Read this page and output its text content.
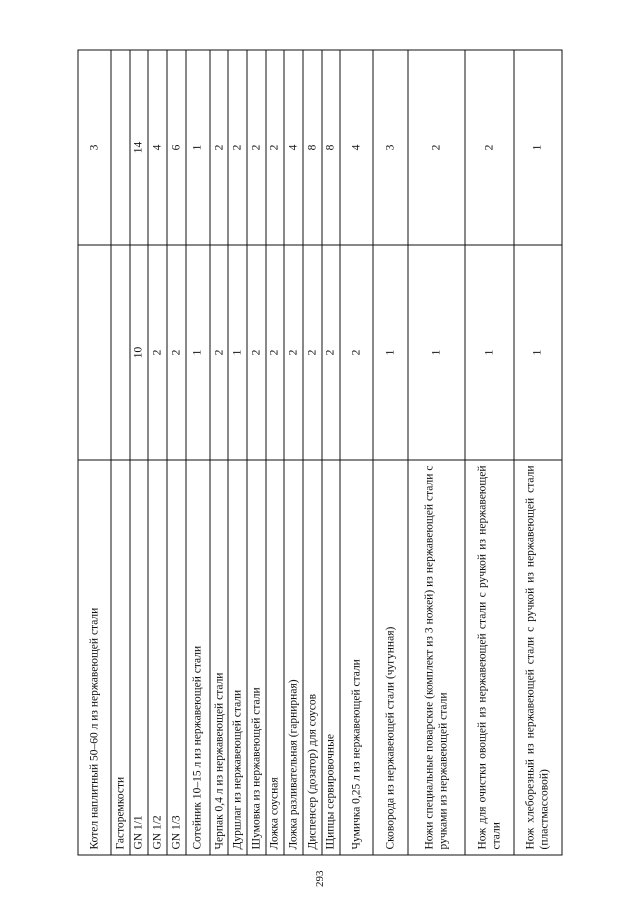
Котел наплитный 50–60 л из нержавеющей стали		3
Гасторемкости		
GN 1/1	10	14
GN 1/2	2	4
GN 1/3	2	6
Сотейник 10–15 л из нержавеющей стали	1	1
Черпак 0,4 л из нержавеющей стали	2	2
Дуршлаг из нержавеющей стали	1	2
Шумовка из нержавеющей стали	2	2
Ложка соусная	2	2
Ложка разливательная (гарнирная)	2	4
Диспенсер (дозатор) для соусов	2	8
Щипцы сервировочные	2	8
Чумичка 0,25 л из нержавеющей стали	2	4
Сковорода из нержавеющей стали (чугунная)	1	3
Ножи специальные поварские (комплект из 3 ножей) из нержавеющей стали с ручками из нержавеющей стали	1	2
Нож для очистки овощей из нержавеющей стали с ручкой из нержавеющей стали	1	2
Нож хлеборезный из нержавеющей стали с ручкой из нержавеющей стали (пластмассовой)	1	1
293
